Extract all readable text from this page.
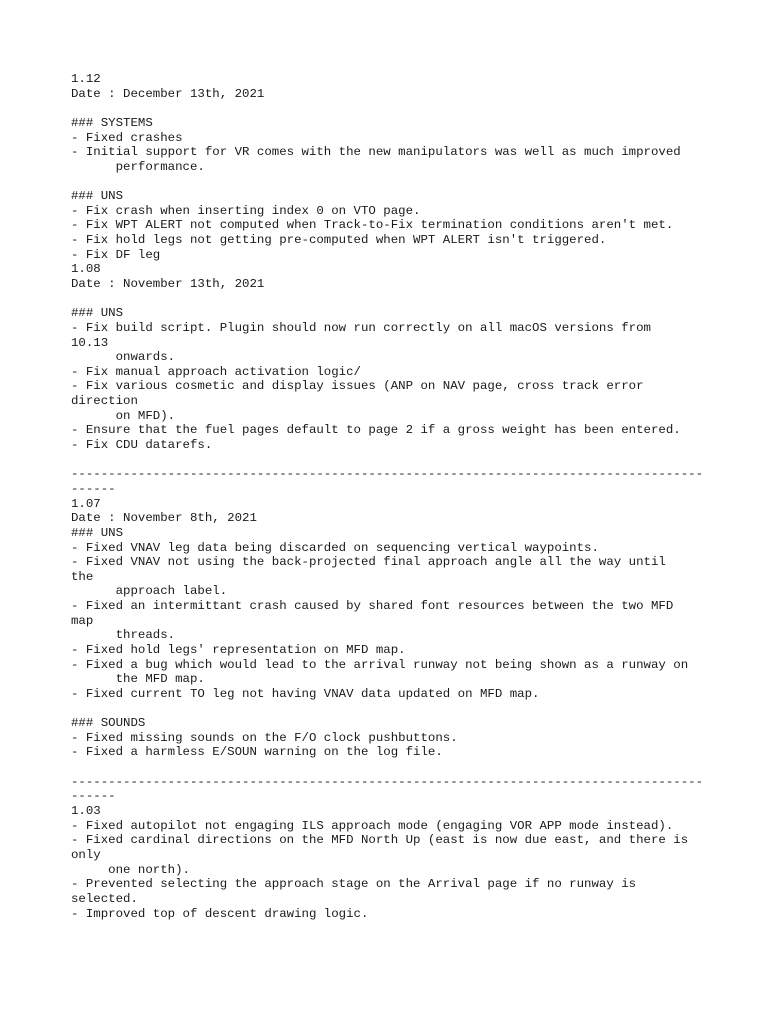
1.12
Date : December 13th, 2021
### SYSTEMS
- Fixed crashes
- Initial support for VR comes with the new manipulators was well as much improved
performance.
### UNS
- Fix crash when inserting index 0 on VTO page.
- Fix WPT ALERT not computed when Track-to-Fix termination conditions aren't met.
- Fix hold legs not getting pre-computed when WPT ALERT isn't triggered.
- Fix DF leg
1.08
Date : November 13th, 2021
### UNS
- Fix build script. Plugin should now run correctly on all macOS versions from
10.13
onwards.
- Fix manual approach activation logic/
- Fix various cosmetic and display issues (ANP on NAV page, cross track error
direction
on MFD).
- Ensure that the fuel pages default to page 2 if a gross weight has been entered.
- Fix CDU datarefs.
-------------------------------------------------------------------------------------
------
1.07
Date : November 8th, 2021
### UNS
- Fixed VNAV leg data being discarded on sequencing vertical waypoints.
- Fixed VNAV not using the back-projected final approach angle all the way until
the
approach label.
- Fixed an intermittant crash caused by shared font resources between the two MFD
map
threads.
- Fixed hold legs' representation on MFD map.
- Fixed a bug which would lead to the arrival runway not being shown as a runway on
the MFD map.
- Fixed current TO leg not having VNAV data updated on MFD map.
### SOUNDS
- Fixed missing sounds on the F/O clock pushbuttons.
- Fixed a harmless E/SOUN warning on the log file.
-------------------------------------------------------------------------------------
------
1.03
- Fixed autopilot not engaging ILS approach mode (engaging VOR APP mode instead).
- Fixed cardinal directions on the MFD North Up (east is now due east, and there is
only
one north).
- Prevented selecting the approach stage on the Arrival page if no runway is
selected.
- Improved top of descent drawing logic.
